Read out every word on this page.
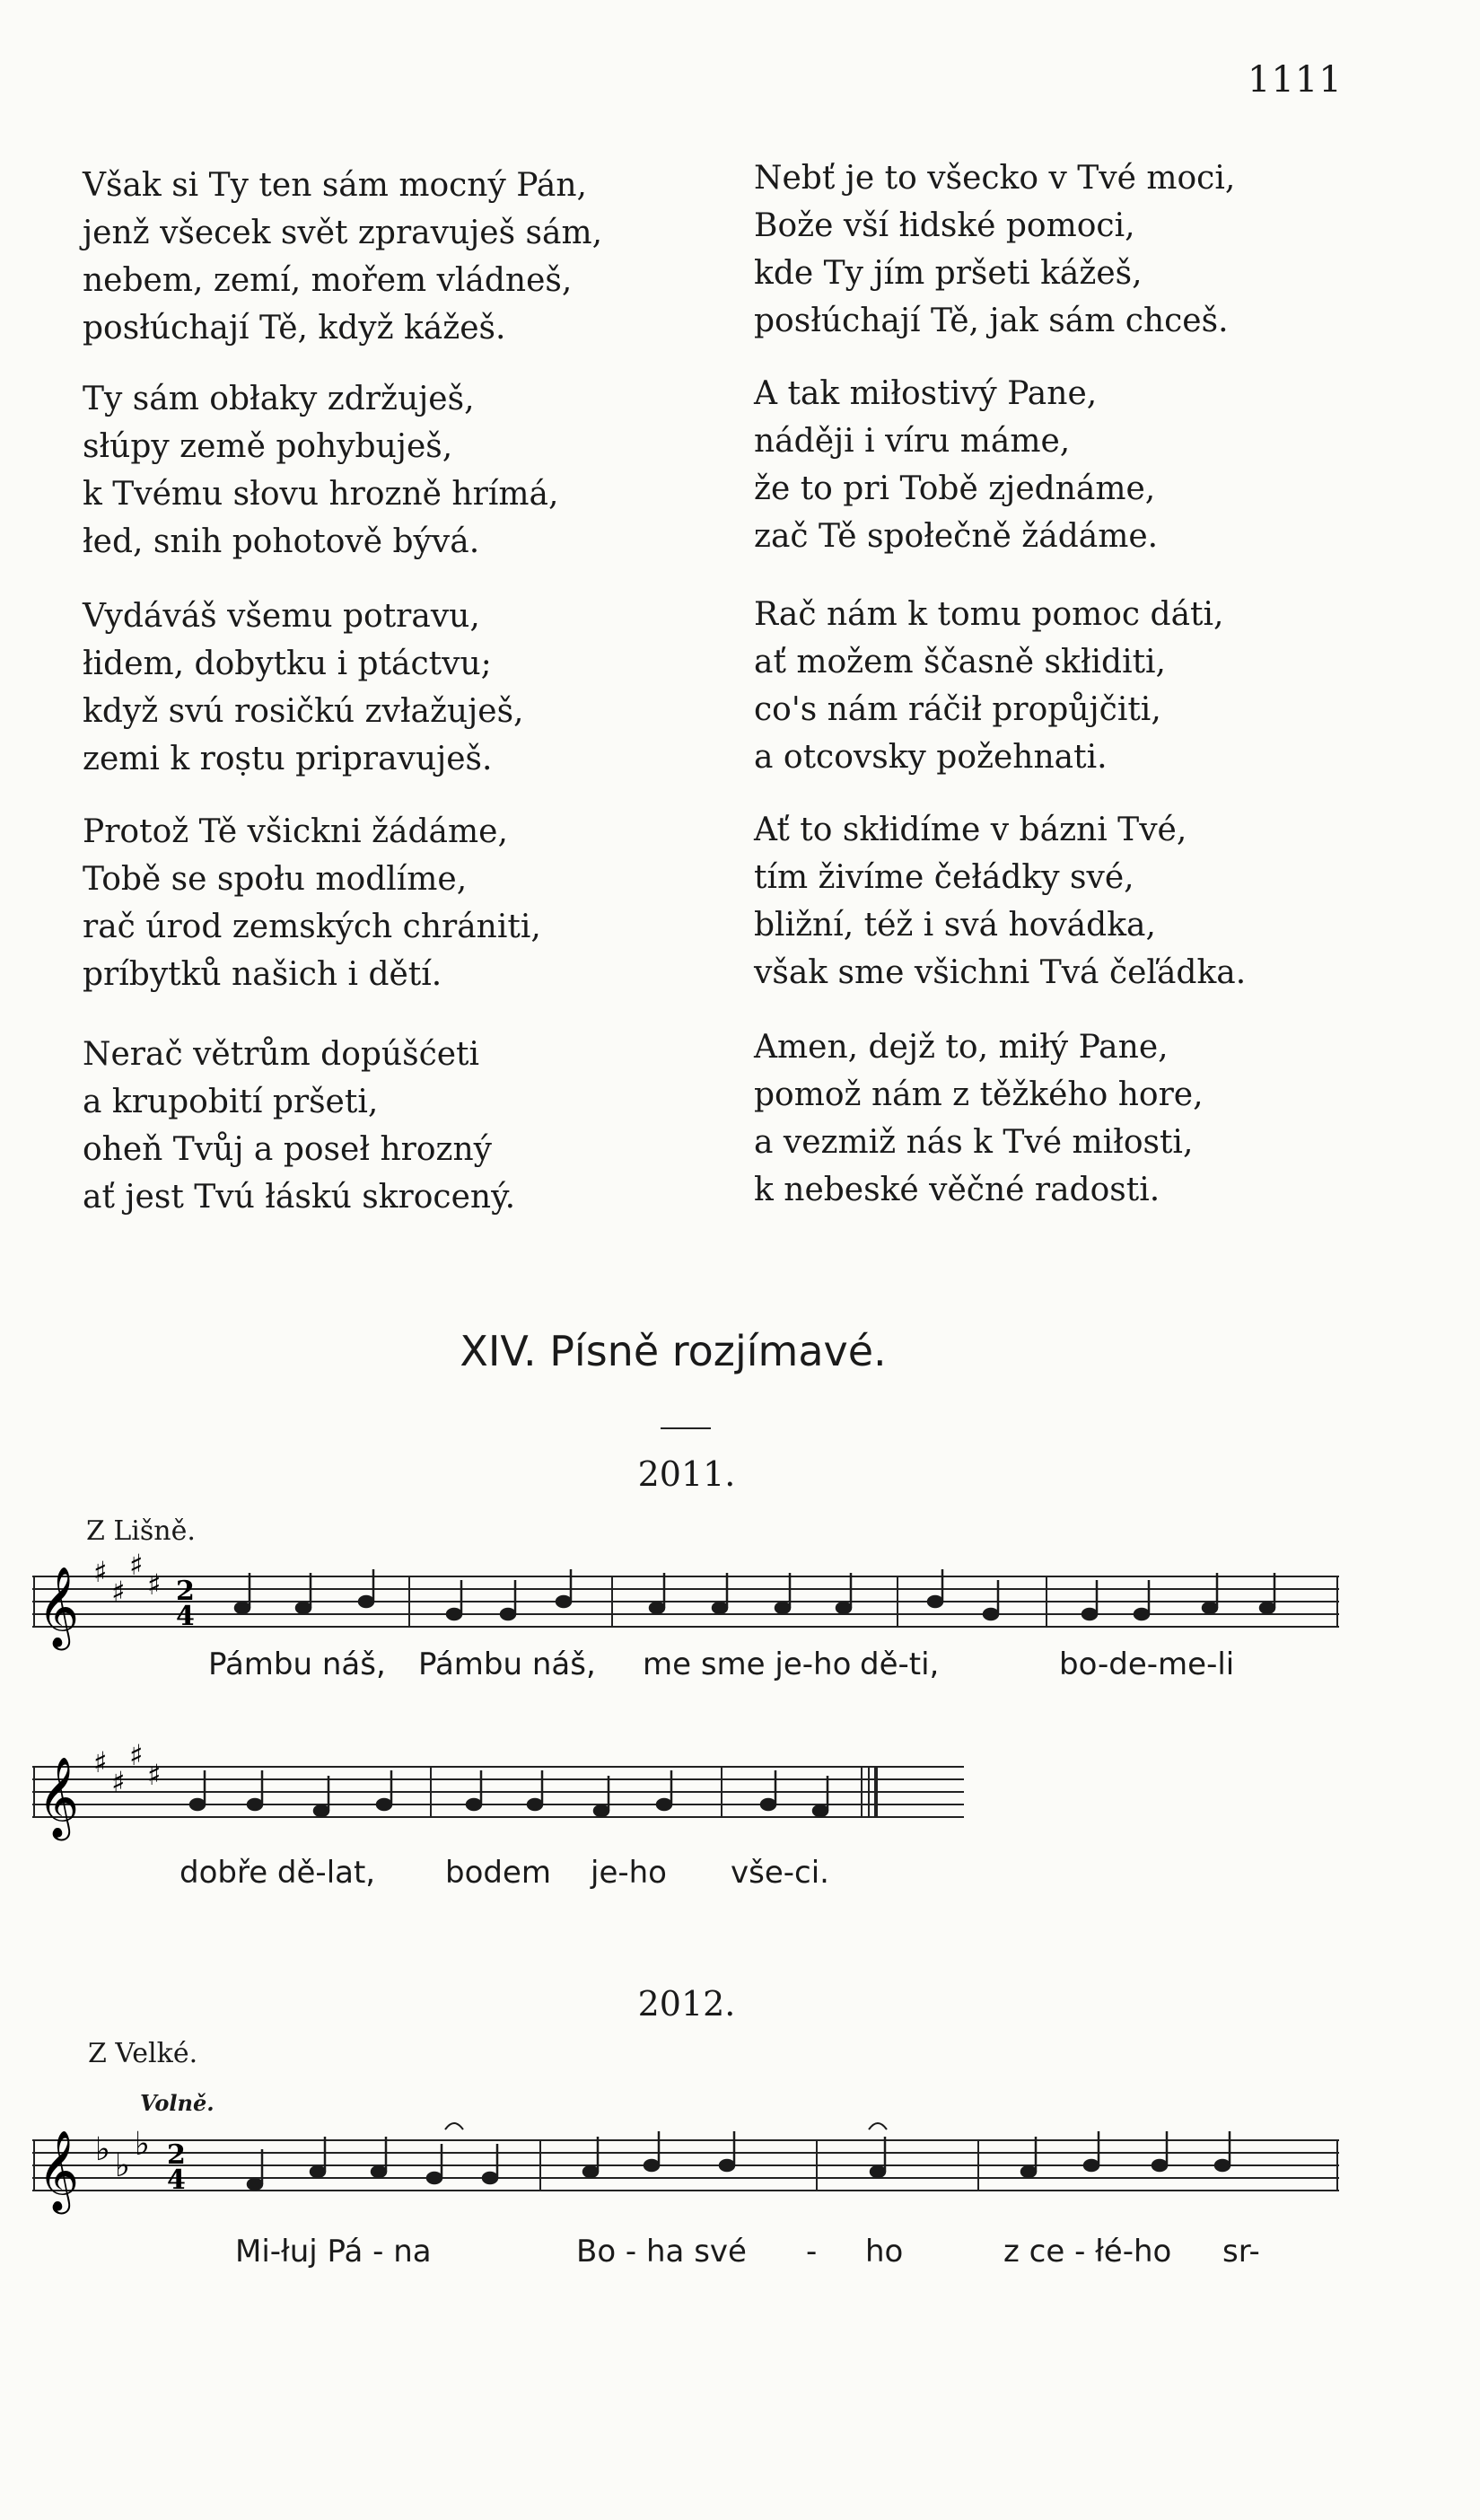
1111
Však si Ty ten sám mocný Pán,
jenž všecek svět zpravuješ sám,
nebem, zemí, mořem vládneš,
posłúchají Tě, když kážeš.
Ty sám obłaky zdržuješ,
słúpy země pohybuješ,
k Tvému słovu hrozně hrímá,
łed, snih pohotově bývá.
Vydáváš všemu potravu,
łidem, dobytku i ptáctvu;
když svú rosičkú zvłažuješ,
zemi k roṣtu pripravuješ.
Protož Tě všickni žádáme,
Tobě se społu modlíme,
rač úrod zemských chrániti,
príbytků našich i dětí.
Nerač větrům dopúšćeti
a krupobití pršeti,
oheň Tvůj a poseł hrozný
ať jest Tvú łáskú skrocený.
Nebť je to všecko v Tvé moci,
Bože vší łidské pomoci,
kde Ty jím pršeti kážeš,
posłúchají Tě, jak sám chceš.
A tak miłostivý Pane,
náději i víru máme,
že to pri Tobě zjednáme,
zač Tě społečně žádáme.
Rač nám k tomu pomoc dáti,
ať možem ščasně skłiditi,
co's nám ráčił propůjčiti,
a otcovsky požehnati.
Ať to skłidíme v bázni Tvé,
tím živíme čełádky své,
bližní, též i svá hovádka,
však sme všichni Tvá čeľádka.
Amen, dejž to, miłý Pane,
pomož nám z těžkého hore,
a vezmiž nás k Tvé miłosti,
k nebeské věčné radosti.
XIV. Písně rozjímavé.
2011.
Z Lišně.
𝄞 ♯
♯
♯
♯ 2
4
Pámbu náš, Pámbu náš, me sme je-ho dě-ti,	bo-de-me-li
𝄞 ♯
♯
♯
♯
dobře dě-lat, bodem je-ho vše-ci.
2012.
Z Velké.
Volně.
𝄞 ♭ ♭
♭ 2
4
Mi-łuj Pá - na	Bo - ha své - ho	z ce - łé-ho sr-
